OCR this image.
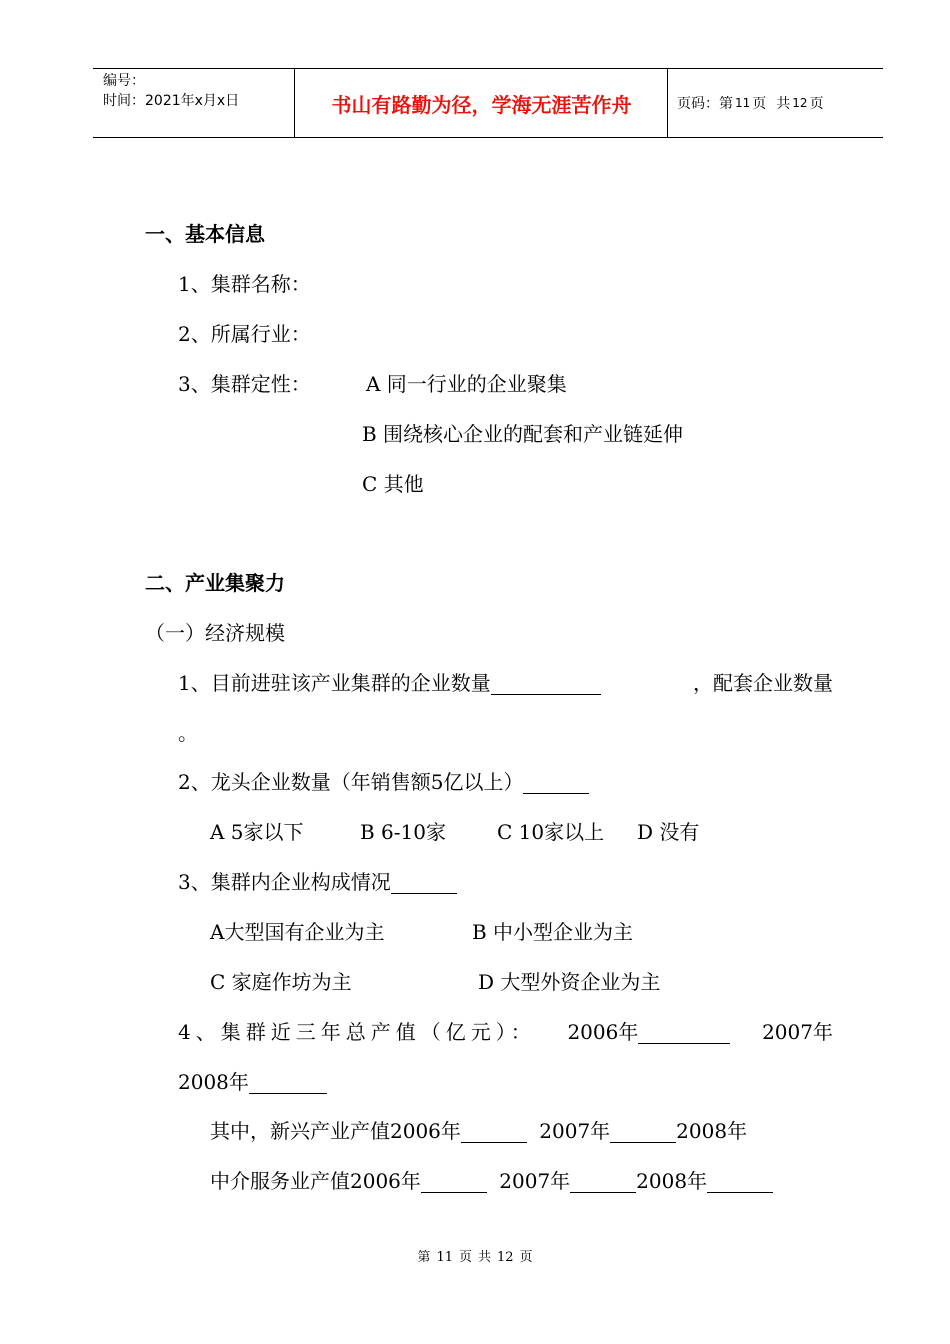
编号：
时间：2021年x月x日	书山有路勤为径，学海无涯苦作舟	页码：第 11 页 共 12 页
一、基本信息
1、集群名称：
2、所属行业：
3、集群定性：	A 同一行业的企业聚集
B 围绕核心企业的配套和产业链延伸
C 其他
二、产业集聚力
（一）经济规模
1、目前进驻该产业集群的企业数量	，配套企业数量
。
2、龙头企业数量（年销售额5亿以上）
A 5家以下	B 6-10家	C 10家以上 D 没有
3、集群内企业构成情况
A大型国有企业为主	B 中小型企业为主
C 家庭作坊为主	D 大型外资企业为主
4、集群近三年总产值（亿元）： 2006年	2007年
2008年
其中，新兴产业产值2006年	2007年	2008年
中介服务业产值2006年	2007年	2008年
第 11 页 共 12 页
